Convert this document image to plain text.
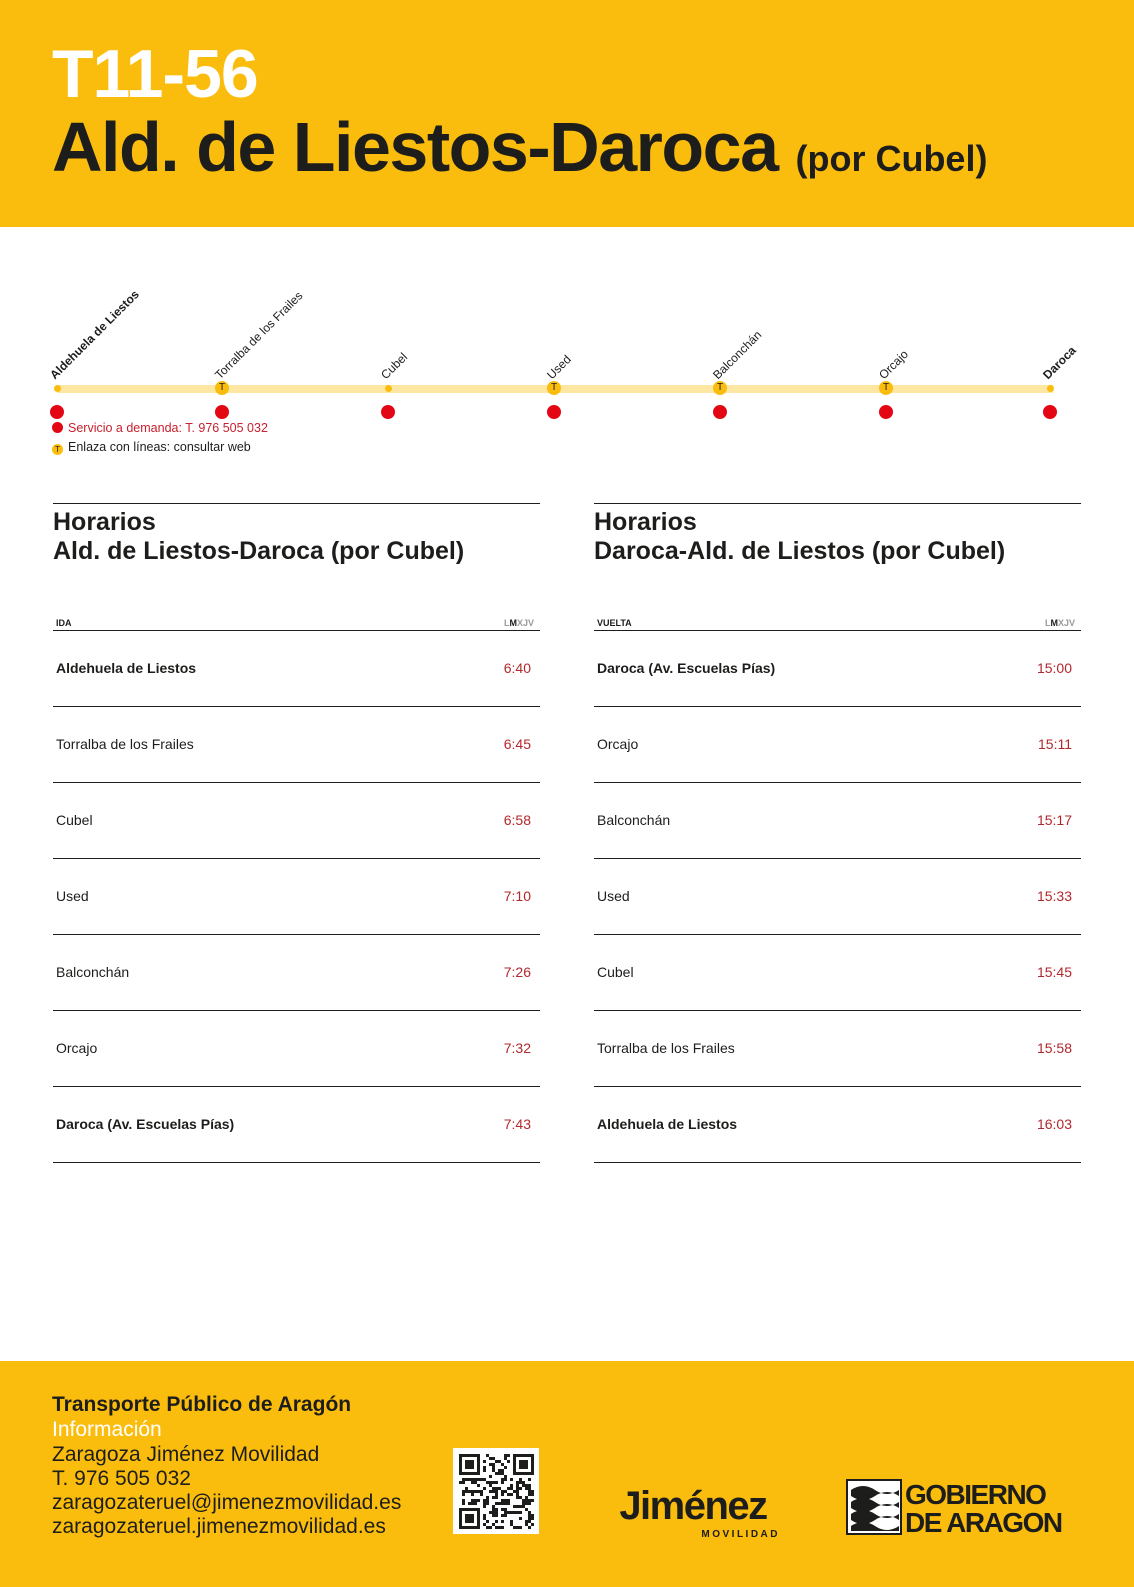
T11-56
Ald. de Liestos-Daroca (por Cubel)
Aldehuela de Liestos
T
Torralba de los Frailes	Cubel
T
Used
T
Balconchán
T
Orcajo	Daroca
Servicio a demanda: T. 976 505 032
T Enlaza con líneas: consultar web
Horarios
Ald. de Liestos-Daroca (por Cubel)
IDA	LMXJV
Aldehuela de Liestos	6:40
Torralba de los Frailes	6:45
Cubel	6:58
Used	7:10
Balconchán	7:26
Orcajo	7:32
Daroca (Av. Escuelas Pías)	7:43
Horarios
Daroca-Ald. de Liestos (por Cubel)
VUELTA	LMXJV
Daroca (Av. Escuelas Pías)	15:00
Orcajo	15:11
Balconchán	15:17
Used	15:33
Cubel	15:45
Torralba de los Frailes	15:58
Aldehuela de Liestos	16:03
Transporte Público de Aragón
Información
Zaragoza Jiménez Movilidad
T. 976 505 032
zaragozateruel@jimenezmovilidad.es
zaragozateruel.jimenezmovilidad.es	Jiménez
MOVILIDAD
GOBIERNO
DE ARAGON
